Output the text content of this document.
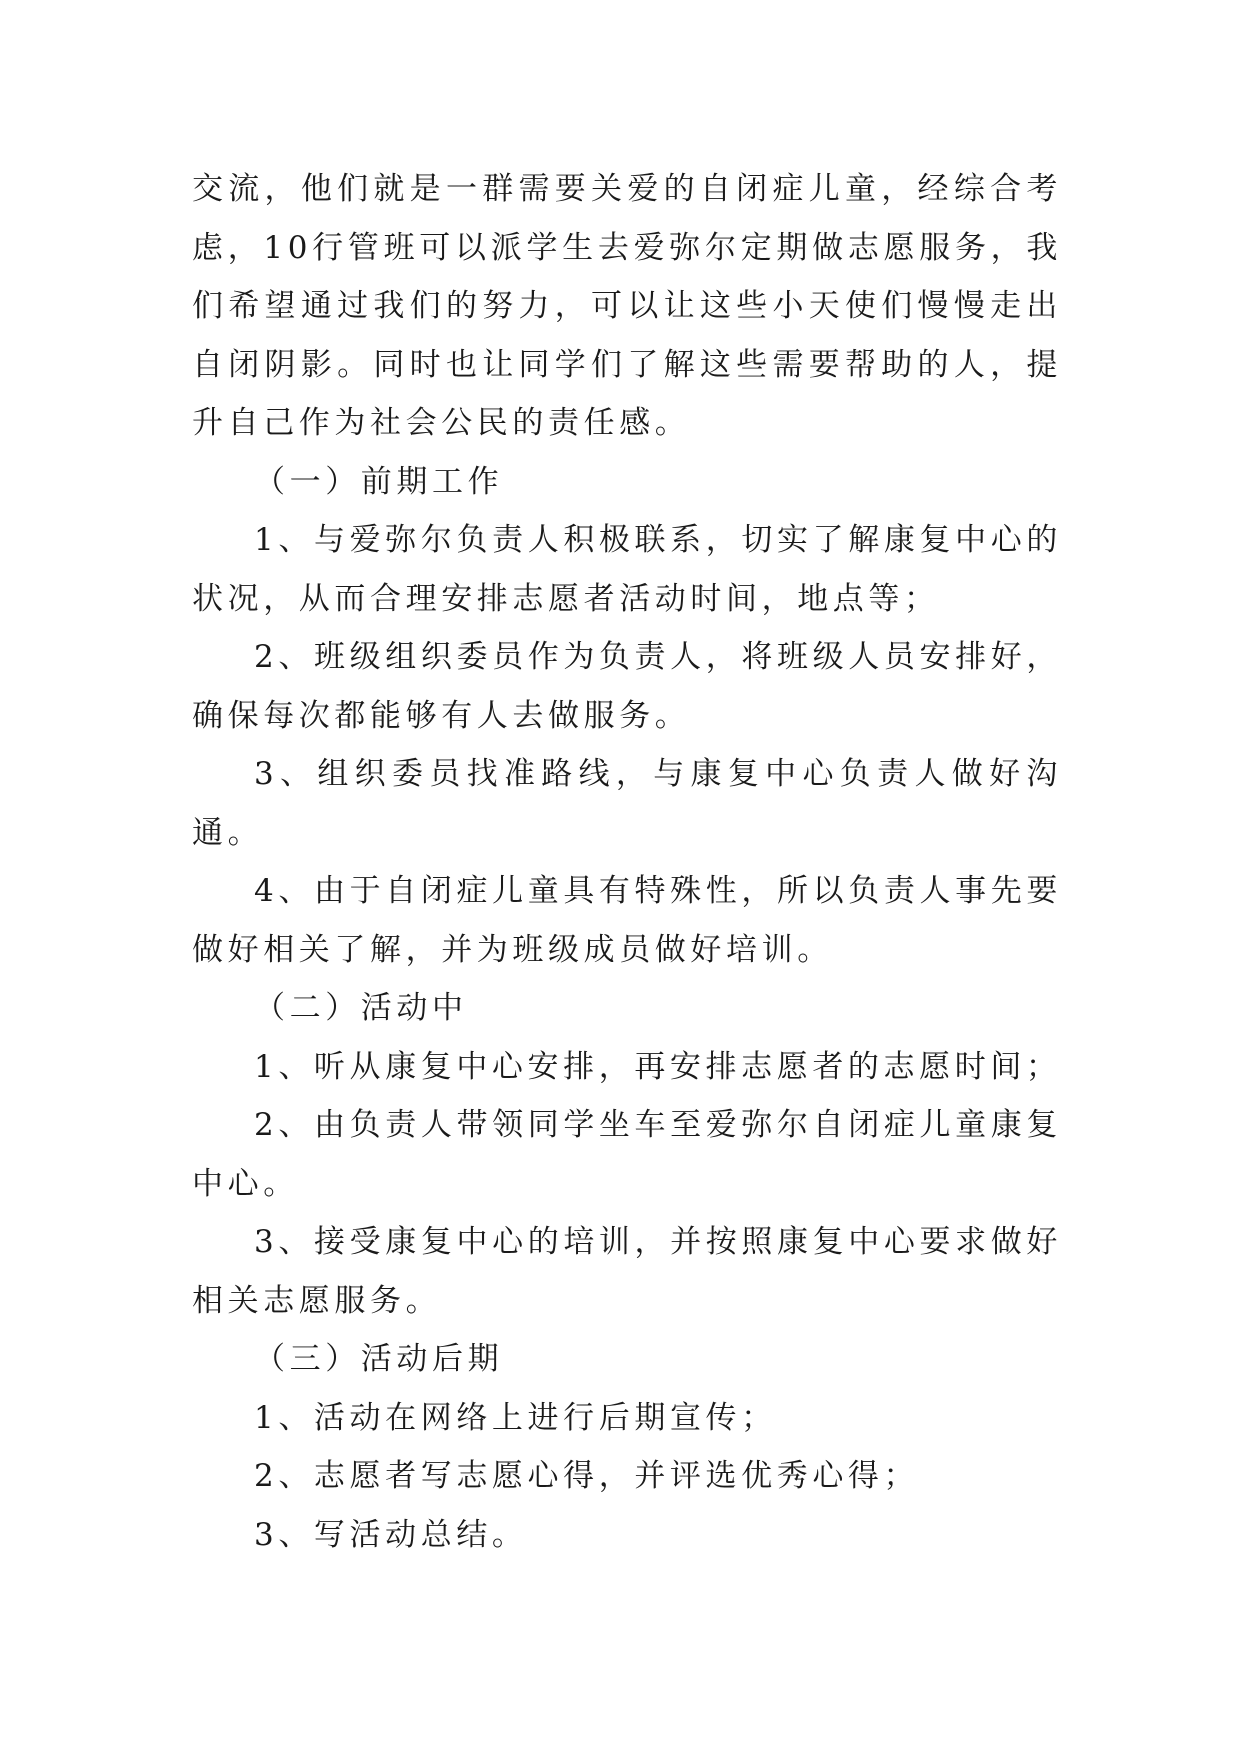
交流，他们就是一群需要关爱的自闭症儿童，经综合考虑，10行管班可以派学生去爱弥尔定期做志愿服务，我们希望通过我们的努力，可以让这些小天使们慢慢走出自闭阴影。同时也让同学们了解这些需要帮助的人，提升自己作为社会公民的责任感。

（一）前期工作

1、与爱弥尔负责人积极联系，切实了解康复中心的状况，从而合理安排志愿者活动时间，地点等；

2、班级组织委员作为负责人，将班级人员安排好，确保每次都能够有人去做服务。

3、组织委员找准路线，与康复中心负责人做好沟通。

4、由于自闭症儿童具有特殊性，所以负责人事先要做好相关了解，并为班级成员做好培训。

（二）活动中

1、听从康复中心安排，再安排志愿者的志愿时间；

2、由负责人带领同学坐车至爱弥尔自闭症儿童康复中心。

3、接受康复中心的培训，并按照康复中心要求做好相关志愿服务。

（三）活动后期

1、活动在网络上进行后期宣传；

2、志愿者写志愿心得，并评选优秀心得；

3、写活动总结。
